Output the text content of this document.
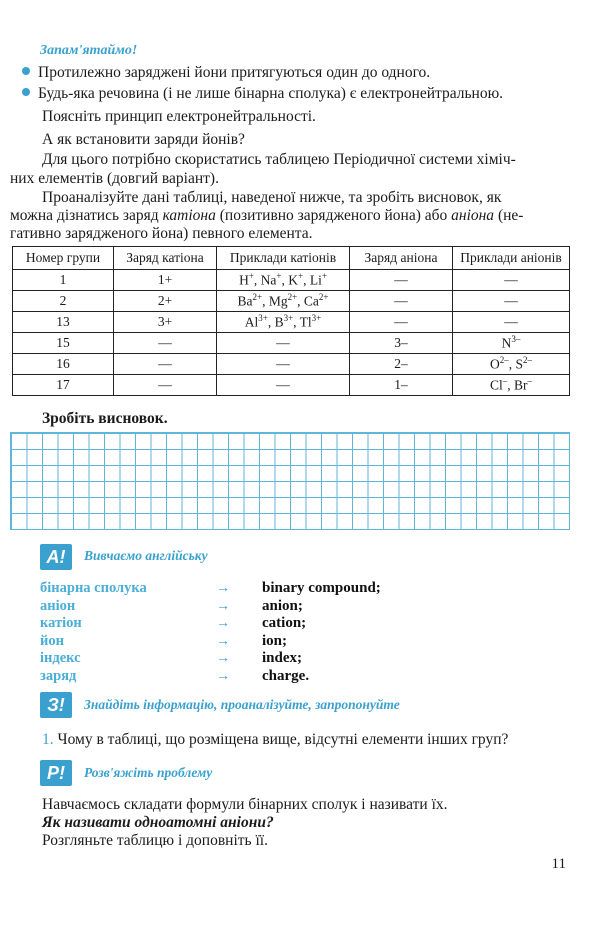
Запам'ятаймо!
Протилежно заряджені йони притягуються один до одного.
Будь-яка речовина (і не лише бінарна сполука) є електронейтральною.
Поясніть принцип електронейтральності.
А як встановити заряди йонів?
Для цього потрібно скористатись таблицею Періодичної системи хіміч-
них елементів (довгий варіант).
Проаналізуйте дані таблиці, наведеної нижче, та зробіть висновок, як
можна дізнатись заряд катіона (позитивно зарядженого йона) або аніона (не-
гативно зарядженого йона) певного елемента.
Номер групи	Заряд катіона	Приклади катіонів	Заряд аніона	Приклади аніонів
1	1+	H+, Na+, K+, Li+	—	—
2	2+	$Ba^{2+}$, $Mg^{2+}$, $Ca^{2+}$	—	—
13	3+	$Al^{3+}$, $B^{3+}$, $Tl^{3+}$	—	—
15	—	—	3–	$N^{3-}$
16	—	—	2–	$O^{2-}$, $S^{2-}$
17	—	—	1–	Cl–, Br–
Зробіть висновок.
A!	Вивчаємо англійську
бінарна сполука	→ binary compound;
аніон	→ anion;
катіон	→ cation;
йон	→ ion;
індекс	→ index;
заряд	→ charge.
З!	Знайдіть інформацію, проаналізуйте, запропонуйте
1. Чому в таблиці, що розміщена вище, відсутні елементи інших груп?
Р!	Розв'яжіть проблему
Навчаємось складати формули бінарних сполук і називати їх.
Як називати одноатомні аніони?
Розгляньте таблицю і доповніть її.
11
